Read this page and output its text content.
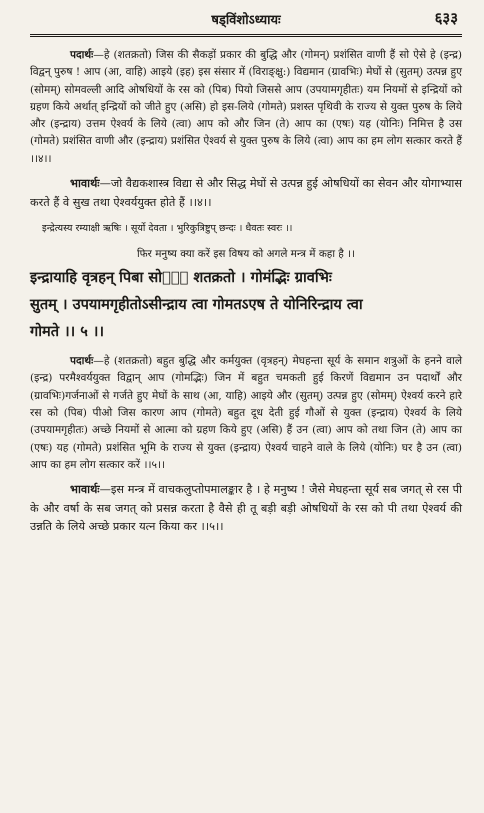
षड्विंशोऽध्यायः	६३३

पदार्थः—हे (शतक्रतो) जिस की सैकड़ों प्रकार की बुद्धि और (गोमन्) प्रशंसित वाणी हैं सो ऐसे हे (इन्द्र) विद्वन् पुरुष ! आप (आ, वाहि) आइये (इह) इस संसार में (विराङ्क्षु:) विद्यमान (ग्रावभिः) मेघों से (सुतम्) उत्पन्न हुए (सोमम्) सोमवल्ली आदि ओषधियों के रस को (पिब) पियो जिससे आप (उपयामगृहीतः) यम नियमों से इन्द्रियों को ग्रहण किये अर्थात् इन्द्रियों को जीते हुए (असि) हो इस-लिये (गोमते) प्रशस्त पृथिवी के राज्य से युक्त पुरुष के लिये और (इन्द्राय) उत्तम ऐश्वर्य के लिये (त्वा) आप को और जिन (ते) आप का (एषः) यह (योनिः) निमित्त है उस (गोमते) प्रशंसित वाणी और (इन्द्राय) प्रशंसित ऐश्वर्य से युक्त पुरुष के लिये (त्वा) आप का हम लोग सत्कार करते हैं ।।४।।

भावार्थः—जो वैद्यकशास्त्र विद्या से और सिद्ध मेघों से उत्पन्न हुई ओषधियों का सेवन और योगाभ्यास करते हैं वे सुख तथा ऐश्वर्ययुक्त होते हैं ।।४।।

इन्द्रेत्यस्य रम्याक्षी ऋषिः । सूर्यो देवता । भुरिकुत्रिष्टुप् छन्दः । धैवतः स्वरः ।।

फिर मनुष्य क्या करें इस विषय को अगले मन्त्र में कहा है ।।

इन्द्रायाहि वृत्रहन् पिबा सोमं᳖ शतक्रतो । गोमंद्भिः ग्रावभिः
सुतम् । उपयामगृहीतोऽसीन्द्राय त्वा गोमतऽएष ते योनिरिन्द्राय त्वा
गोमते ।। ५ ।।

पदार्थः—हे (शतक्रतो) बहुत बुद्धि और कर्मयुक्त (वृत्रहन्) मेघहन्ता सूर्य के समान शत्रुओं के हनने वाले (इन्द्र) परमैश्वर्ययुक्त विद्वान् आप (गोमद्भिः) जिन में बहुत चमकती हुई किरणें विद्यमान उन पदार्थों और (ग्रावभिः)गर्जनाओं से गर्जते हुए मेघों के साथ (आ, याहि) आइये और (सुतम्) उत्पन्न हुए (सोमम्) ऐश्वर्य करने हारे रस को (पिब) पीओ जिस कारण आप (गोमते) बहुत दूध देती हुई गौओं से युक्त (इन्द्राय) ऐश्वर्य के लिये (उपयामगृहीतः) अच्छे नियमों से आत्मा को ग्रहण किये हुए (असि) हैं उन (त्वा) आप को तथा जिन (ते) आप का (एषः) यह (गोमते) प्रशंसित भूमि के राज्य से युक्त (इन्द्राय) ऐश्वर्य चाहने वाले के लिये (योनिः) घर है उन (त्वा) आप का हम लोग सत्कार करें ।।५।।

भावार्थः—इस मन्त्र में वाचकलुप्तोपमालङ्कार है । हे मनुष्य ! जैसे मेघहन्ता सूर्य सब जगत् से रस पी के और वर्षा के सब जगत् को प्रसन्न करता है वैसे ही तू बड़ी बड़ी ओषधियों के रस को पी तथा ऐश्वर्य की उन्नति के लिये अच्छे प्रकार यत्न किया कर ।।५।।
